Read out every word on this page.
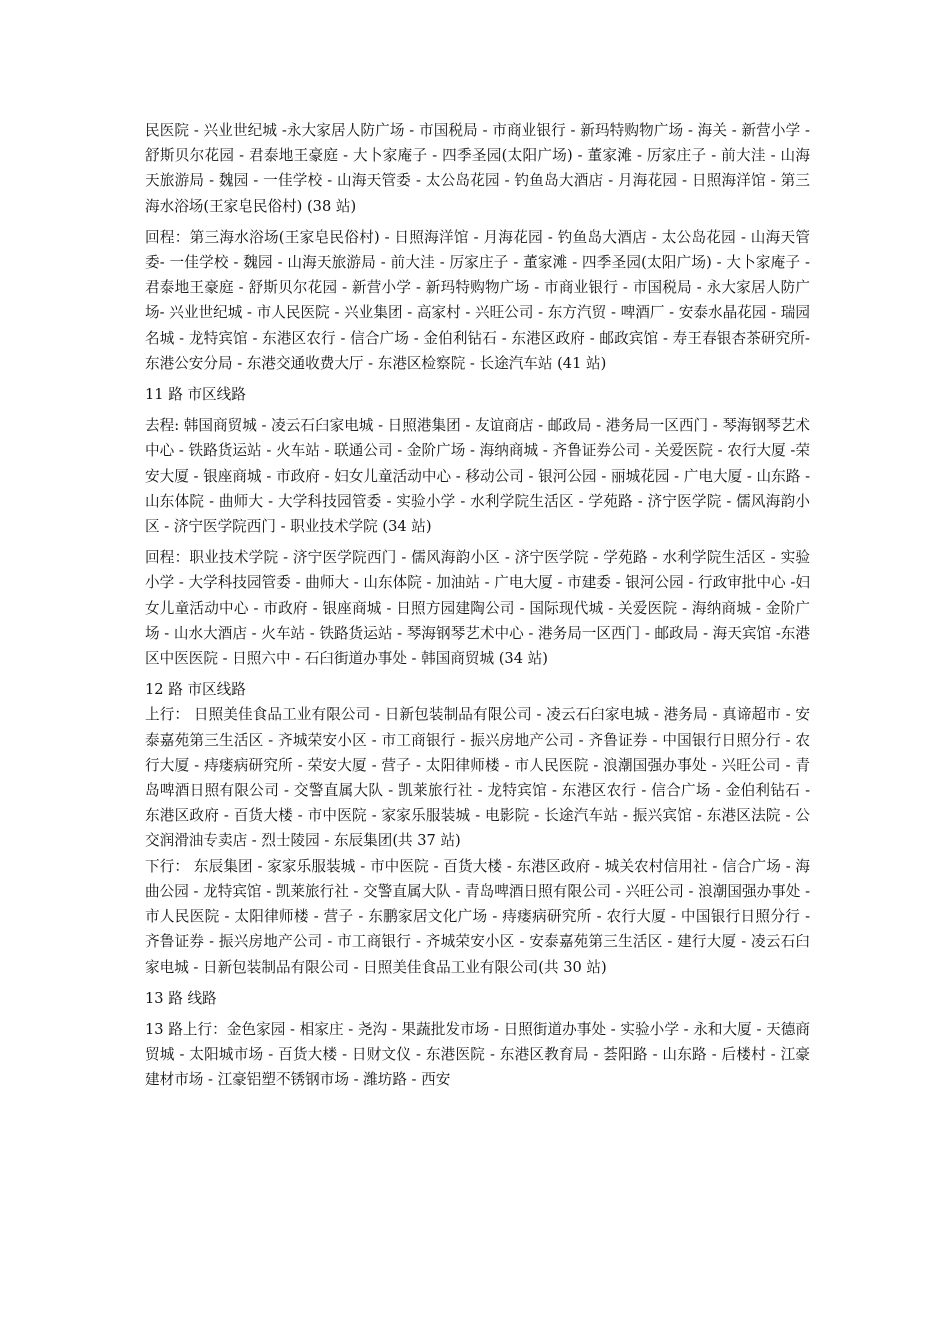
民医院 - 兴业世纪城 -永大家居人防广场 - 市国税局 - 市商业银行 - 新玛特购物广场 - 海关 - 新营小学 - 舒斯贝尔花园 - 君泰地王豪庭 - 大卜家庵子 - 四季圣园(太阳广场) - 董家滩 - 厉家庄子 - 前大洼 - 山海天旅游局 - 魏园 - 一佳学校 - 山海天管委 - 太公岛花园 - 钓鱼岛大酒店 - 月海花园 - 日照海洋馆 - 第三海水浴场(王家皂民俗村) (38 站)

回程：第三海水浴场(王家皂民俗村) - 日照海洋馆 - 月海花园 - 钓鱼岛大酒店 - 太公岛花园 - 山海天管委- 一佳学校 - 魏园 - 山海天旅游局 - 前大洼 - 厉家庄子 - 董家滩 - 四季圣园(太阳广场) - 大卜家庵子 -君泰地王豪庭 - 舒斯贝尔花园 - 新营小学 - 新玛特购物广场 - 市商业银行 - 市国税局 - 永大家居人防广场- 兴业世纪城 - 市人民医院 - 兴业集团 - 高家村 - 兴旺公司 - 东方汽贸 - 啤酒厂 - 安泰水晶花园 - 瑞园名城 - 龙特宾馆 - 东港区农行 - 信合广场 - 金伯利钻石 - 东港区政府 - 邮政宾馆 - 寿王春银杏茶研究所- 东港公安分局 - 东港交通收费大厅 - 东港区检察院 - 长途汽车站 (41 站)

11 路 市区线路

去程: 韩国商贸城 - 凌云石臼家电城 - 日照港集团 - 友谊商店 - 邮政局 - 港务局一区西门 - 琴海钢琴艺术中心 - 铁路货运站 - 火车站 - 联通公司 - 金阶广场 - 海纳商城 - 齐鲁证券公司 - 关爱医院 - 农行大厦 -荣安大厦 - 银座商城 - 市政府 - 妇女儿童活动中心 - 移动公司 - 银河公园 - 丽城花园 - 广电大厦 - 山东路 - 山东体院 - 曲师大 - 大学科技园管委 - 实验小学 - 水利学院生活区 - 学苑路 - 济宁医学院 - 儒风海韵小区 - 济宁医学院西门 - 职业技术学院 (34 站)

回程：职业技术学院 - 济宁医学院西门 - 儒风海韵小区 - 济宁医学院 - 学苑路 - 水利学院生活区 - 实验小学 - 大学科技园管委 - 曲师大 - 山东体院 - 加油站 - 广电大厦 - 市建委 - 银河公园 - 行政审批中心 -妇女儿童活动中心 - 市政府 - 银座商城 - 日照方园建陶公司 - 国际现代城 - 关爱医院 - 海纳商城 - 金阶广场 - 山水大酒店 - 火车站 - 铁路货运站 - 琴海钢琴艺术中心 - 港务局一区西门 - 邮政局 - 海天宾馆 -东港区中医医院 - 日照六中 - 石臼街道办事处 - 韩国商贸城 (34 站)

12 路 市区线路

上行： 日照美佳食品工业有限公司 - 日新包装制品有限公司 - 凌云石臼家电城 - 港务局 - 真谛超市 - 安泰嘉苑第三生活区 - 齐城荣安小区 - 市工商银行 - 振兴房地产公司 - 齐鲁证券 - 中国银行日照分行 - 农行大厦 - 痔瘘病研究所 - 荣安大厦 - 营子 - 太阳律师楼 - 市人民医院 - 浪潮国强办事处 - 兴旺公司 - 青岛啤酒日照有限公司 - 交警直属大队 - 凯莱旅行社 - 龙特宾馆 - 东港区农行 - 信合广场 - 金伯利钻石 - 东港区政府 - 百货大楼 - 市中医院 - 家家乐服装城 - 电影院 - 长途汽车站 - 振兴宾馆 - 东港区法院 - 公交润滑油专卖店 - 烈士陵园 - 东辰集团(共 37 站)

下行： 东辰集团 - 家家乐服装城 - 市中医院 - 百货大楼 - 东港区政府 - 城关农村信用社 - 信合广场 - 海曲公园 - 龙特宾馆 - 凯莱旅行社 - 交警直属大队 - 青岛啤酒日照有限公司 - 兴旺公司 - 浪潮国强办事处 - 市人民医院 - 太阳律师楼 - 营子 - 东鹏家居文化广场 - 痔瘘病研究所 - 农行大厦 - 中国银行日照分行 - 齐鲁证券 - 振兴房地产公司 - 市工商银行 - 齐城荣安小区 - 安泰嘉苑第三生活区 - 建行大厦 - 凌云石臼家电城 - 日新包装制品有限公司 - 日照美佳食品工业有限公司(共 30 站)

13 路 线路

13 路上行：金色家园 - 相家庄 - 尧沟 - 果蔬批发市场 - 日照街道办事处 - 实验小学 - 永和大厦 - 天德商贸城 - 太阳城市场 - 百货大楼 - 日财文仪 - 东港医院 - 东港区教育局 - 荟阳路 - 山东路 - 后楼村 - 江豪建材市场 - 江豪铝塑不锈钢市场 - 潍坊路 - 西安
